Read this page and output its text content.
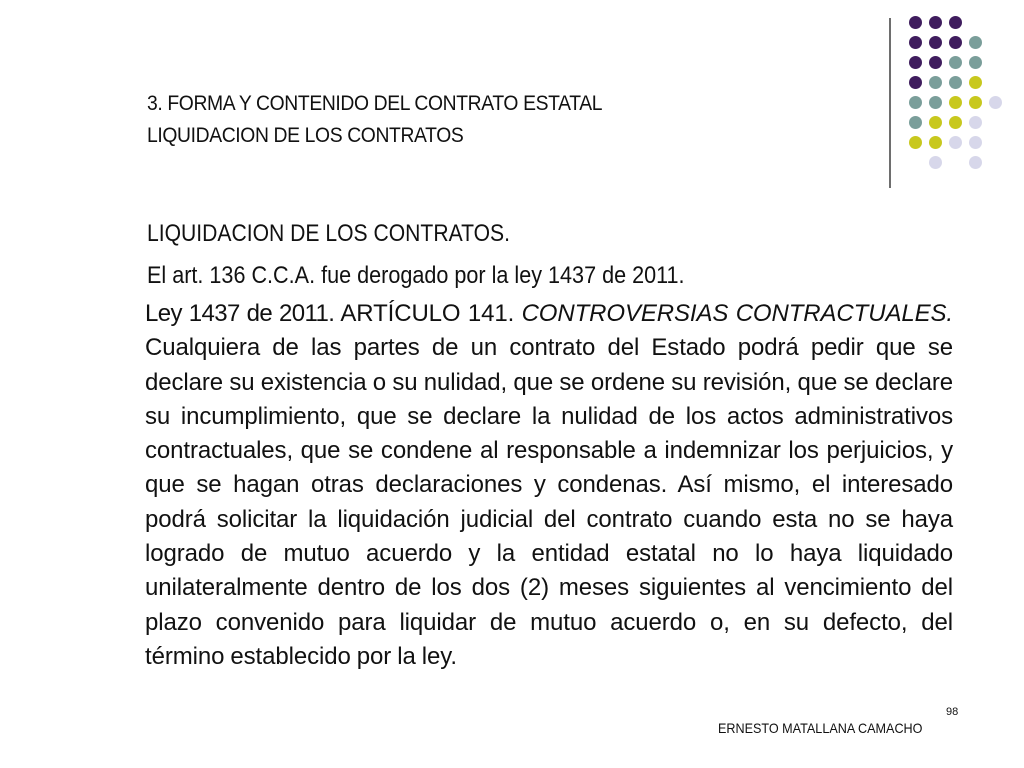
3. FORMA Y CONTENIDO DEL CONTRATO ESTATAL
LIQUIDACION DE LOS CONTRATOS
LIQUIDACION DE LOS CONTRATOS.
El art. 136 C.C.A. fue derogado por la ley 1437 de 2011.
Ley 1437 de 2011. ARTÍCULO 141. CONTROVERSIAS CONTRACTUALES. Cualquiera de las partes de un contrato del Estado podrá pedir que se declare su existencia o su nulidad, que se ordene su revisión, que se declare su incumplimiento, que se declare la nulidad de los actos administrativos contractuales, que se condene al responsable a indemnizar los perjuicios, y que se hagan otras declaraciones y condenas. Así mismo, el interesado podrá solicitar la liquidación judicial del contrato cuando esta no se haya logrado de mutuo acuerdo y la entidad estatal no lo haya liquidado unilateralmente dentro de los dos (2) meses siguientes al vencimiento del plazo convenido para liquidar de mutuo acuerdo o, en su defecto, del término establecido por la ley.
ERNESTO MATALLANA CAMACHO
98
